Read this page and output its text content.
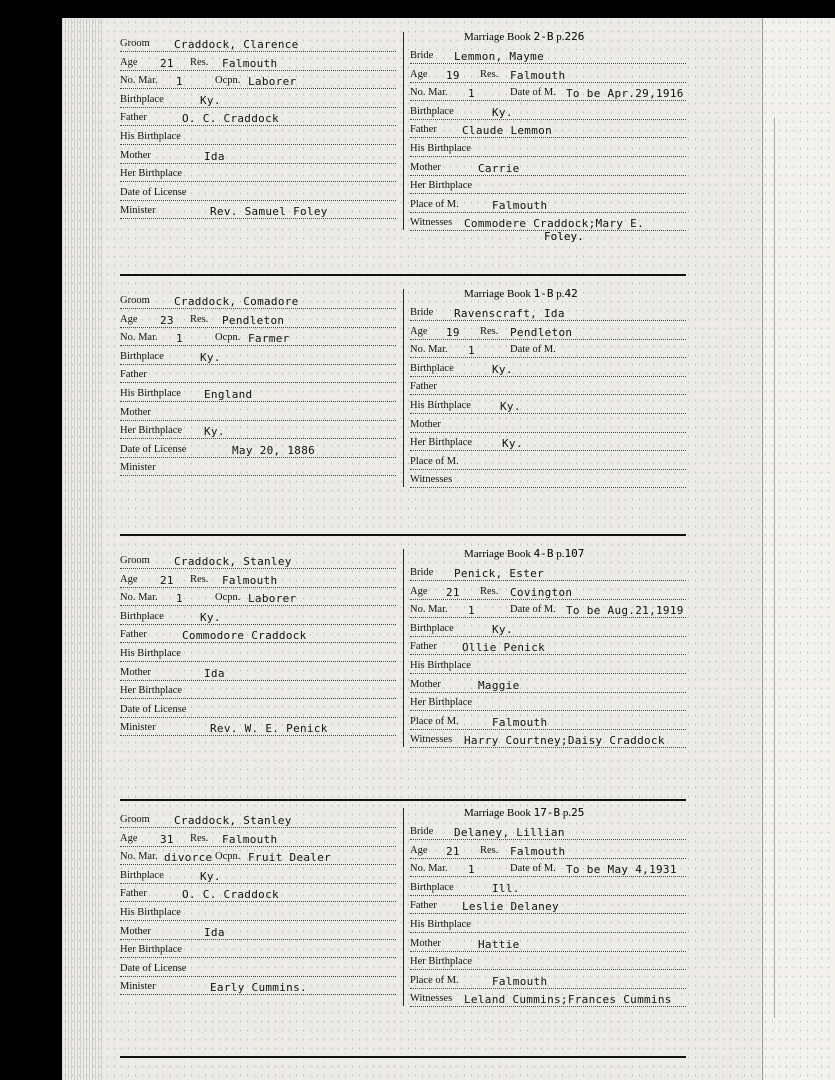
Groom Craddock, Clarence
Age 21 Res. Falmouth
No. Mar. 1	Ocpn. Laborer
Birthplace	Ky.
Father	O. C. Craddock
His Birthplace
Mother	Ida
Her Birthplace
Date of License
Minister	Rev. Samuel Foley
Marriage Book 2-B p.226
Bride Lemmon, Mayme
Age 19 Res. Falmouth
No. Mar. 1	Date of M. To be Apr.29,1916
Birthplace	Ky.
Father Claude Lemmon
His Birthplace
Mother	Carrie
Her Birthplace
Place of M.	Falmouth
Witnesses Commodere Craddock;Mary E.
Foley.
Groom Craddock, Comadore
Age 23 Res. Pendleton
No. Mar. 1	Ocpn. Farmer
Birthplace	Ky.
Father
His Birthplace England
Mother
Her Birthplace Ky.
Date of License	May 20, 1886
Minister
Marriage Book 1-B p.42
Bride Ravenscraft, Ida
Age 19 Res. Pendleton
No. Mar. 1	Date of M.
Birthplace	Ky.
Father
His Birthplace	Ky.
Mother
Her Birthplace	Ky.
Place of M.
Witnesses
Groom Craddock, Stanley
Age 21 Res. Falmouth
No. Mar. 1	Ocpn. Laborer
Birthplace	Ky.
Father	Commodore Craddock
His Birthplace
Mother	Ida
Her Birthplace
Date of License
Minister	Rev. W. E. Penick
Marriage Book 4-B p.107
Bride Penick, Ester
Age 21 Res. Covington
No. Mar. 1	Date of M. To be Aug.21,1919
Birthplace	Ky.
Father Ollie Penick
His Birthplace
Mother	Maggie
Her Birthplace
Place of M.	Falmouth
Witnesses Harry Courtney;Daisy Craddock
Groom Craddock, Stanley
Age 31 Res. Falmouth
No. Mar. divorce Ocpn. Fruit Dealer
Birthplace	Ky.
Father	O. C. Craddock
His Birthplace
Mother	Ida
Her Birthplace
Date of License
Minister	Early Cummins.
Marriage Book 17-B p.25
Bride Delaney, Lillian
Age 21 Res. Falmouth
No. Mar. 1	Date of M. To be May 4,1931
Birthplace	Ill.
Father Leslie Delaney
His Birthplace
Mother	Hattie
Her Birthplace
Place of M.	Falmouth
Witnesses Leland Cummins;Frances Cummins
